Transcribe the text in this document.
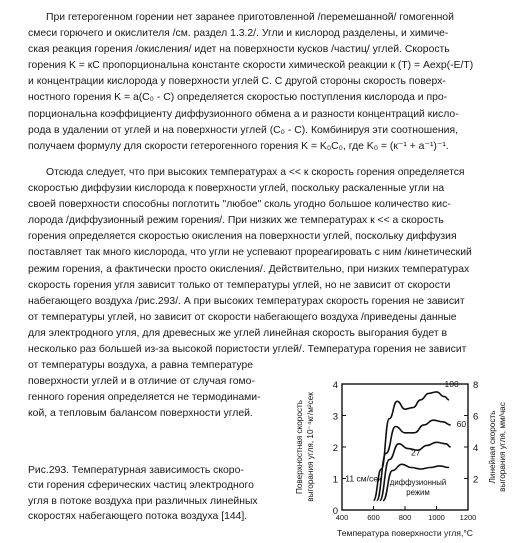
При гетерогенном горении нет заранее приготовленной /перемешанной/ гомогенной
смеси горючего и окислителя /см. раздел 1.3.2/. Угли и кислород разделены, и химиче-
ская реакция горения /окисления/ идет на поверхности кусков /частиц/ углей. Скорость
горения K = кC пропорциональна константе скорости химической реакции к (T) = Aexp(-E/T)
и концентрации кислорода у поверхности углей C. С другой стороны скорость поверх-
ностного горения K = a(C₀ - C) определяется скоростью поступления кислорода и про-
порциональна коэффициенту диффузионного обмена a и разности концентраций кисло-
рода в удалении от углей и на поверхности углей (C₀ - C). Комбинируя эти соотношения,
получаем формулу для скорости гетерогенного горения K = K₀C₀, где K₀ = (к⁻¹ + a⁻¹)⁻¹.
Отсюда следует, что при высоких температурах a << к скорость горения определяется
скоростью диффузии кислорода к поверхности углей, поскольку раскаленные угли на
своей поверхности способны поглотить "любое" сколь угодно большое количество кис-
лорода /диффузионный режим горения/. При низких же температурах к << a скорость
горения определяется скоростью окисления на поверхности углей, поскольку диффузия
поставляет так много кислорода, что угли не успевают прореагировать с ним /кинетический
режим горения, а фактически просто окисления/. Действительно, при низких температурах
скорость горения угля зависит только от температуры углей, но не зависит от скорости
набегающего воздуха /рис.293/. А при высоких температурах скорость горения не зависит
от температуры углей, но зависит от скорости набегающего воздуха /приведены данные
для электродного угля, для древесных же углей линейная скорость выгорания будет в
несколько раз большей из-за высокой пористости углей/. Температура горения не зависит
от температуры воздуха, а равна температуре
поверхности углей и в отличие от случая гомо-
генного горения определяется не термодинами-
кой, а тепловым балансом поверхности углей.
Рис.293. Температурная зависимость скоро-
сти горения сферических частиц электродного
угля в потоке воздуха при различных линейных
скоростях набегающего потока воздуха [144].
Поверхностная скорость выгорания угля, 10⁻⁴кг/м²сек	Линейная скорость выгорания угля, мм/час
Температура поверхности угля,°C
диффузионный
режим
400	600	800 1000 1200
0
1
2
3
4
2
4
6
8
100
60
27
11 см/сек
